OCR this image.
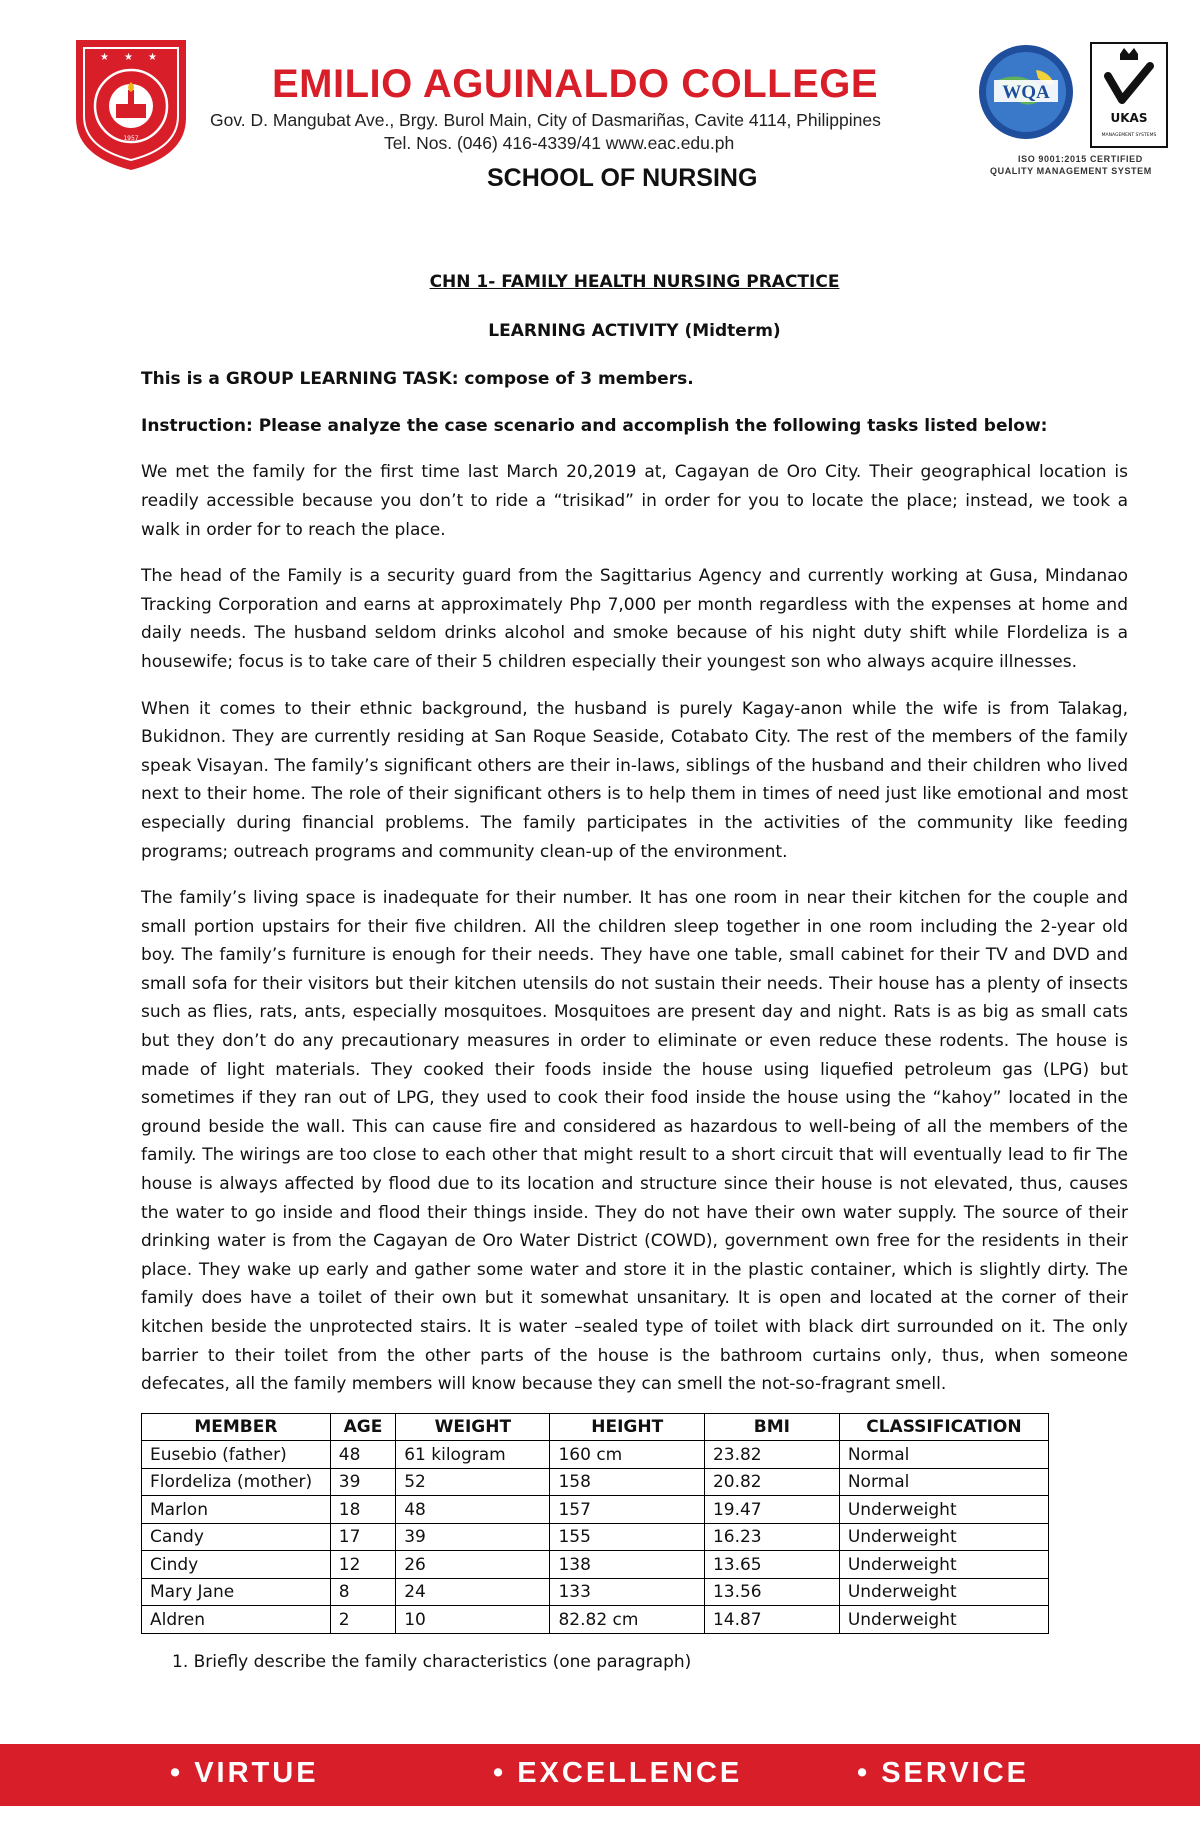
★ ★ ★
1957
EMILIO AGUINALDO COLLEGE
Gov. D. Mangubat Ave., Brgy. Burol Main, City of Dasmariñas, Cavite 4114, Philippines
Tel. Nos. (046) 416-4339/41 www.eac.edu.ph
SCHOOL OF NURSING
WQA
UKAS
MANAGEMENT SYSTEMS
ISO 9001:2015 CERTIFIED
QUALITY MANAGEMENT SYSTEM

CHN 1- FAMILY HEALTH NURSING PRACTICE

LEARNING ACTIVITY (Midterm)

This is a GROUP LEARNING TASK: compose of 3 members.

Instruction: Please analyze the case scenario and accomplish the following tasks listed below:

We met the family for the first time last March 20,2019 at, Cagayan de Oro City. Their geographical location is readily accessible because you don’t to ride a “trisikad” in order for you to locate the place; instead, we took a walk in order for to reach the place.

The head of the Family is a security guard from the Sagittarius Agency and currently working at Gusa, Mindanao Tracking Corporation and earns at approximately Php 7,000 per month regardless with the expenses at home and daily needs. The husband seldom drinks alcohol and smoke because of his night duty shift while Flordeliza is a housewife; focus is to take care of their 5 children especially their youngest son who always acquire illnesses.

When it comes to their ethnic background, the husband is purely Kagay-anon while the wife is from Talakag, Bukidnon. They are currently residing at San Roque Seaside, Cotabato City. The rest of the members of the family speak Visayan. The family’s significant others are their in-laws, siblings of the husband and their children who lived next to their home. The role of their significant others is to help them in times of need just like emotional and most especially during financial problems. The family participates in the activities of the community like feeding programs; outreach programs and community clean-up of the environment.

The family’s living space is inadequate for their number. It has one room in near their kitchen for the couple and small portion upstairs for their five children. All the children sleep together in one room including the 2-year old boy. The family’s furniture is enough for their needs. They have one table, small cabinet for their TV and DVD and small sofa for their visitors but their kitchen utensils do not sustain their needs. Their house has a plenty of insects such as flies, rats, ants, especially mosquitoes. Mosquitoes are present day and night. Rats is as big as small cats but they don’t do any precautionary measures in order to eliminate or even reduce these rodents. The house is made of light materials. They cooked their foods inside the house using liquefied petroleum gas (LPG) but sometimes if they ran out of LPG, they used to cook their food inside the house using the “kahoy” located in the ground beside the wall. This can cause fire and considered as hazardous to well-being of all the members of the family. The wirings are too close to each other that might result to a short circuit that will eventually lead to fir The house is always affected by flood due to its location and structure since their house is not elevated, thus, causes the water to go inside and flood their things inside. They do not have their own water supply. The source of their drinking water is from the Cagayan de Oro Water District (COWD), government own free for the residents in their place. They wake up early and gather some water and store it in the plastic container, which is slightly dirty. The family does have a toilet of their own but it somewhat unsanitary. It is open and located at the corner of their kitchen beside the unprotected stairs. It is water –sealed type of toilet with black dirt surrounded on it. The only barrier to their toilet from the other parts of the house is the bathroom curtains only, thus, when someone defecates, all the family members will know because they can smell the not-so-fragrant smell.

MEMBER	AGE	WEIGHT	HEIGHT	BMI	CLASSIFICATION
Eusebio (father)	48	61 kilogram	160 cm	23.82	Normal
Flordeliza (mother)	39	52	158	20.82	Normal
Marlon	18	48	157	19.47	Underweight
Candy	17	39	155	16.23	Underweight
Cindy	12	26	138	13.65	Underweight
Mary Jane	8	24	133	13.56	Underweight
Aldren	2	10	82.82 cm	14.87	Underweight
1. Briefly describe the family characteristics (one paragraph)
• VIRTUE	• EXCELLENCE	• SERVICE
